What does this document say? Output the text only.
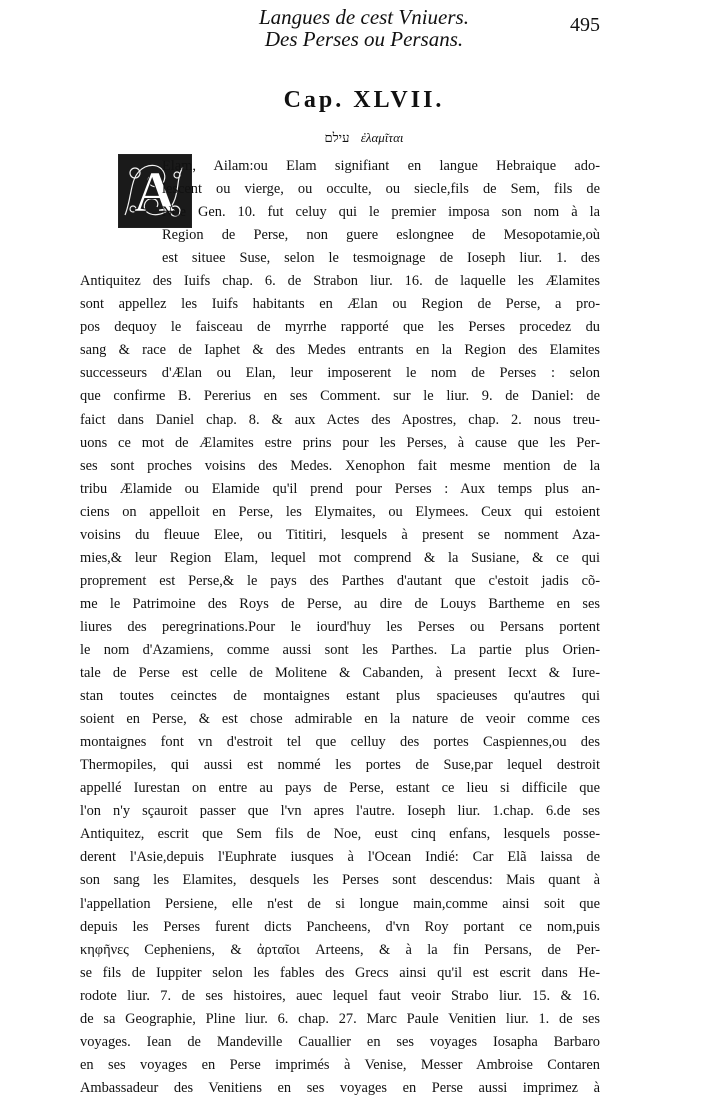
Langues de cest Vniuers.
Des Perses ou Persans.
495
Cap. XLVII.
עילם ἐλαμῖται
A
Elam, Ailam:ou Elam signifiant en langue Hebraique ado-
lescent ou vierge, ou occulte, ou siecle,fils de Sem, fils de
Noe Gen. 10. fut celuy qui le premier imposa son nom à la
Region de Perse, non guere eslongnee de Mesopotamie,où
est situee Suse, selon le tesmoignage de Ioseph liur. 1. des
Antiquitez des Iuifs chap. 6. de Strabon liur. 16. de laquelle les Ælamites
sont appellez les Iuifs habitants en Ælan ou Region de Perse, a pro-
pos dequoy le faisceau de myrrhe rapporté que les Perses procedez du
sang & race de Iaphet & des Medes entrants en la Region des Elamites
successeurs d'Ælan ou Elan, leur imposerent le nom de Perses : selon
que confirme B. Pererius en ses Comment. sur le liur. 9. de Daniel: de
faict dans Daniel chap. 8. & aux Actes des Apostres, chap. 2. nous treu-
uons ce mot de Ælamites estre prins pour les Perses, à cause que les Per-
ses sont proches voisins des Medes. Xenophon fait mesme mention de la
tribu Ælamide ou Elamide qu'il prend pour Perses : Aux temps plus an-
ciens on appelloit en Perse, les Elymaites, ou Elymees. Ceux qui estoient
voisins du fleuue Elee, ou Tititiri, lesquels à present se nomment Aza-
mies,& leur Region Elam, lequel mot comprend & la Susiane, & ce qui
proprement est Perse,& le pays des Parthes d'autant que c'estoit jadis cõ-
me le Patrimoine des Roys de Perse, au dire de Louys Bartheme en ses
liures des peregrinations.Pour le iourd'huy les Perses ou Persans portent
le nom d'Azamiens, comme aussi sont les Parthes. La partie plus Orien-
tale de Perse est celle de Molitene & Cabanden, à present Iecxt & Iure-
stan toutes ceinctes de montaignes estant plus spacieuses qu'autres qui
soient en Perse, & est chose admirable en la nature de veoir comme ces
montaignes font vn d'estroit tel que celluy des portes Caspiennes,ou des
Thermopiles, qui aussi est nommé les portes de Suse,par lequel destroit
appellé Iurestan on entre au pays de Perse, estant ce lieu si difficile que
l'on n'y sçauroit passer que l'vn apres l'autre. Ioseph liur. 1.chap. 6.de ses
Antiquitez, escrit que Sem fils de Noe, eust cinq enfans, lesquels posse-
derent l'Asie,depuis l'Euphrate iusques à l'Ocean Indié: Car Elã laissa de
son sang les Elamites, desquels les Perses sont descendus: Mais quant à
l'appellation Persiene, elle n'est de si longue main,comme ainsi soit que
depuis les Perses furent dicts Pancheens, d'vn Roy portant ce nom,puis
κηφῆνες Cepheniens, & ἀρταῖοι Arteens, & à la fin Persans, de Per-
se fils de Iuppiter selon les fables des Grecs ainsi qu'il est escrit dans He-
rodote liur. 7. de ses histoires, auec lequel faut veoir Strabo liur. 15. & 16.
de sa Geographie, Pline liur. 6. chap. 27. Marc Paule Venitien liur. 1. de ses
voyages. Iean de Mandeville Cauallier en ses voyages Iosapha Barbaro
en ses voyages en Perse imprimés à Venise, Messer Ambroise Contaren
Ambassadeur des Venitiens en ses voyages en Perse aussi imprimez à
